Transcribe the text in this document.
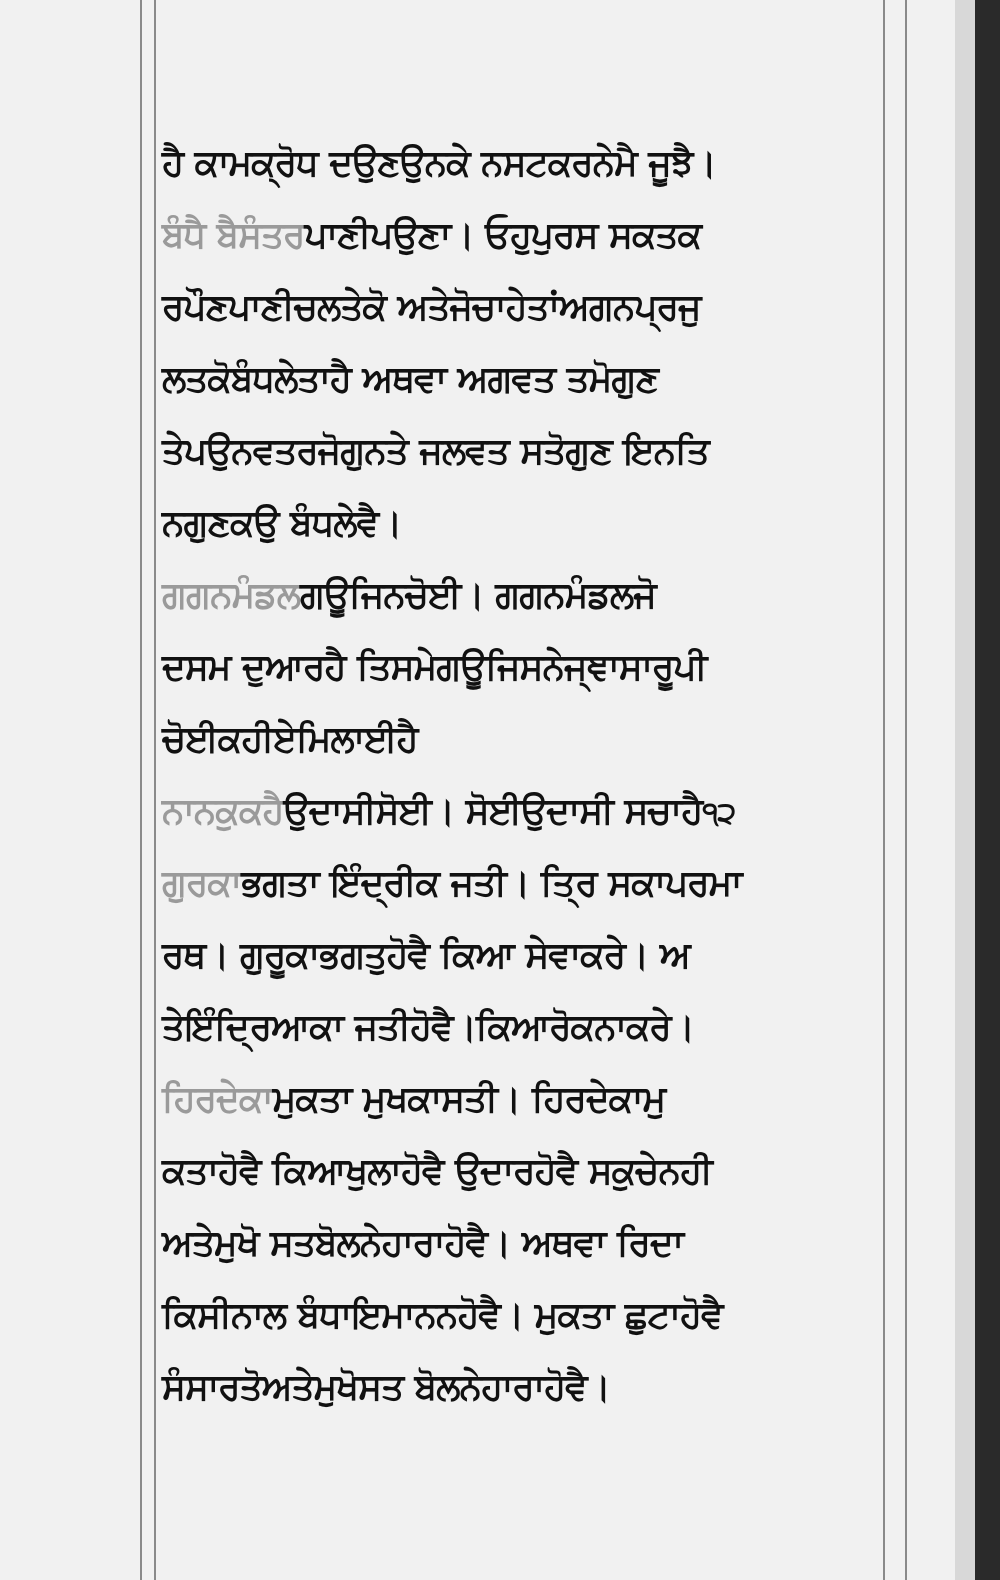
ਹੈ ਕਾਮਕ੍ਰੋਧ ਦਉਣਉਨਕੇ ਨਸਟਕਰਨੇਮੈ ਜੂਝੈ।
ਬੰਧੈ ਬੈਸੰਤਰਪਾਣੀਪਉਣਾ। ਓਹੁਪੁਰਸ ਸਕਤਕ
ਰਪੌਣਪਾਣੀਚਲਤੇਕੋ ਅਤੇਜੋਚਾਹੇਤਾਂਅਗਨਪ੍ਰਜੁ
ਲਤਕੋਬੰਧਲੇਤਾਹੈ ਅਥਵਾ ਅਗਵਤ ਤਮੋਗੁਣ
ਤੇਪਉਨਵਤਰਜੋਗੁਨਤੇ ਜਲਵਤ ਸਤੋਗੁਣ ਇਨਤਿ
ਨਗੁਣਕਉ ਬੰਧਲੇਵੈ।
ਗਗਨਮੰਡਲਗਊਜਿਨਚੋਈ। ਗਗਨਮੰਡਲਜੋ
ਦਸਮ ਦੁਆਰਹੈ ਤਿਸਮੇਗਊਜਿਸਨੇਜ੍ਞਾਸਾਰੂਪੀ
ਚੋਈਕਹੀਏਮਿਲਾਈਹੈ
ਨਾਨਕੁਕਹੈਉਦਾਸੀਸੋਈ। ਸੋਈਉਦਾਸੀ ਸਚਾਹੈ੧੨
ਗੁਰਕਾਭਗਤਾ ਇੰਦ੍ਰੀਕ ਜਤੀ। ਤ੍ਰਿ ਸਕਾਪਰਮਾ
ਰਥ। ਗੁਰੂਕਾਭਗਤੁਹੋਵੈ ਕਿਆ ਸੇਵਾਕਰੇ। ਅ
ਤੇਇੰਦ੍ਰਿਆਕਾ ਜਤੀਹੋਵੈ।ਕਿਆਰੋਕਨਾਕਰੇ।
ਹਿਰਦੇਕਾਮੁਕਤਾ ਮੁਖਕਾਸਤੀ। ਹਿਰਦੇਕਾਮੁ
ਕਤਾਹੋਵੈ ਕਿਆਖੁਲਾਹੋਵੈ ਉਦਾਰਹੋਵੈ ਸਕੁਚੇਨਹੀ
ਅਤੇਮੁਖੋ ਸਤਬੋਲਨੇਹਾਰਾਹੋਵੈ। ਅਥਵਾ ਰਿਦਾ
ਕਿਸੀਨਾਲ ਬੰਧਾਇਮਾਨਨਹੋਵੈ। ਮੁਕਤਾ ਛੁਟਾਹੋਵੈ
ਸੰਸਾਰਤੋਅਤੇਮੁਖੋਸਤ ਬੋਲਨੇਹਾਰਾਹੋਵੈ।
